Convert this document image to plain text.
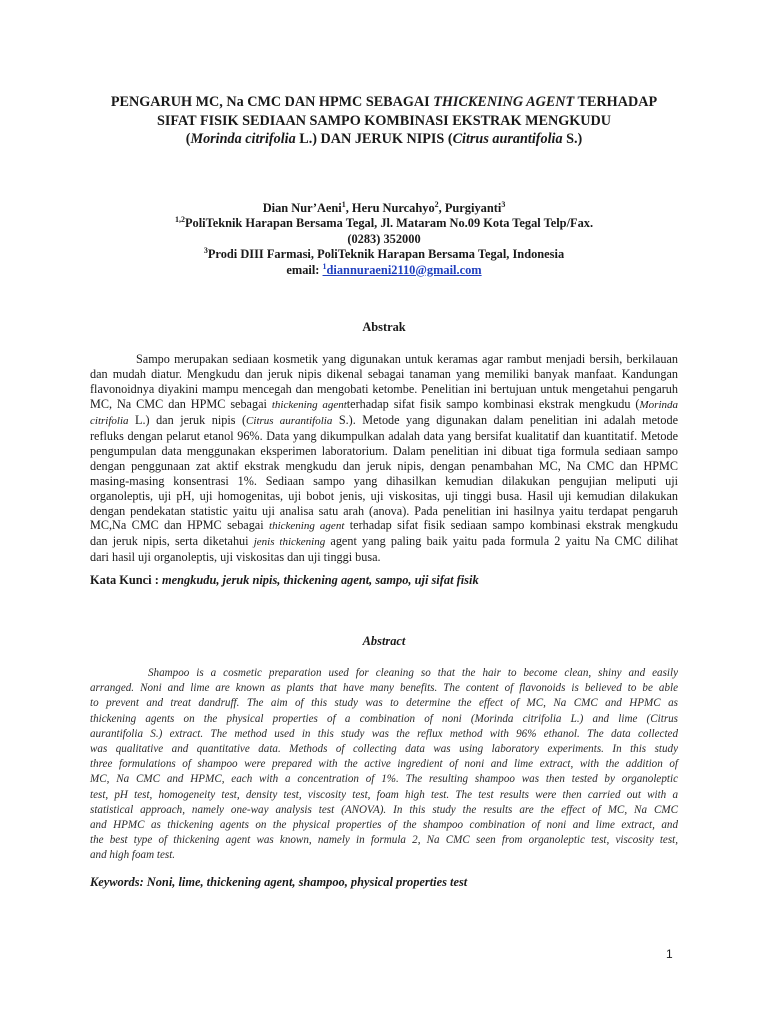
PENGARUH MC, Na CMC DAN HPMC SEBAGAI THICKENING AGENT TERHADAP
SIFAT FISIK SEDIAAN SAMPO KOMBINASI EKSTRAK MENGKUDU
(Morinda citrifolia L.) DAN JERUK NIPIS (Citrus aurantifolia S.)
Dian Nur’Aeni$^1$, Heru Nurcahyo$^2$, Purgiyanti$^3$
$^{1,2}$PoliTeknik Harapan Bersama Tegal, Jl. Mataram No.09 Kota Tegal Telp/Fax.
(0283) 352000
$^3$Prodi DIII Farmasi, PoliTeknik Harapan Bersama Tegal, Indonesia
email: $^1$diannuraeni2110@gmail.com
Abstrak
Sampo merupakan sediaan kosmetik yang digunakan untuk keramas agar rambut menjadi bersih, berkilauan
dan mudah diatur. Mengkudu dan jeruk nipis dikenal sebagai tanaman yang memiliki banyak manfaat. Kandungan
flavonoidnya diyakini mampu mencegah dan mengobati ketombe. Penelitian ini bertujuan untuk mengetahui pengaruh
MC, Na CMC dan HPMC sebagai thickening agentterhadap sifat fisik sampo kombinasi ekstrak mengkudu (Morinda
citrifolia L.) dan jeruk nipis (Citrus aurantifolia S.). Metode yang digunakan dalam penelitian ini adalah metode
refluks dengan pelarut etanol 96%. Data yang dikumpulkan adalah data yang bersifat kualitatif dan kuantitatif. Metode
pengumpulan data menggunakan eksperimen laboratorium. Dalam penelitian ini dibuat tiga formula sediaan sampo
dengan penggunaan zat aktif ekstrak mengkudu dan jeruk nipis, dengan penambahan MC, Na CMC dan HPMC
masing-masing konsentrasi 1%. Sediaan sampo yang dihasilkan kemudian dilakukan pengujian meliputi uji
organoleptis, uji pH, uji homogenitas, uji bobot jenis, uji viskositas, uji tinggi busa. Hasil uji kemudian dilakukan
dengan pendekatan statistic yaitu uji analisa satu arah (anova). Pada penelitian ini hasilnya yaitu terdapat pengaruh
MC,Na CMC dan HPMC sebagai thickening agent terhadap sifat fisik sediaan sampo kombinasi ekstrak mengkudu
dan jeruk nipis, serta diketahui jenis thickening agent yang paling baik yaitu pada formula 2 yaitu Na CMC dilihat
dari hasil uji organoleptis, uji viskositas dan uji tinggi busa.
Kata Kunci : mengkudu, jeruk nipis, thickening agent, sampo, uji sifat fisik
Abstract
Shampoo is a cosmetic preparation used for cleaning so that the hair to become clean, shiny and easily
arranged. Noni and lime are known as plants that have many benefits. The content of flavonoids is believed to be able
to prevent and treat dandruff. The aim of this study was to determine the effect of MC, Na CMC and HPMC as
thickening agents on the physical properties of a combination of noni (Morinda citrifolia L.) and lime (Citrus
aurantifolia S.) extract. The method used in this study was the reflux method with 96% ethanol. The data collected
was qualitative and quantitative data. Methods of collecting data was using laboratory experiments. In this study
three formulations of shampoo were prepared with the active ingredient of noni and lime extract, with the addition of
MC, Na CMC and HPMC, each with a concentration of 1%. The resulting shampoo was then tested by organoleptic
test, pH test, homogeneity test, density test, viscosity test, foam high test. The test results were then carried out with a
statistical approach, namely one-way analysis test (ANOVA). In this study the results are the effect of MC, Na CMC
and HPMC as thickening agents on the physical properties of the shampoo combination of noni and lime extract, and
the best type of thickening agent was known, namely in formula 2, Na CMC seen from organoleptic test, viscosity test,
and high foam test.
Keywords: Noni, lime, thickening agent, shampoo, physical properties test
1
